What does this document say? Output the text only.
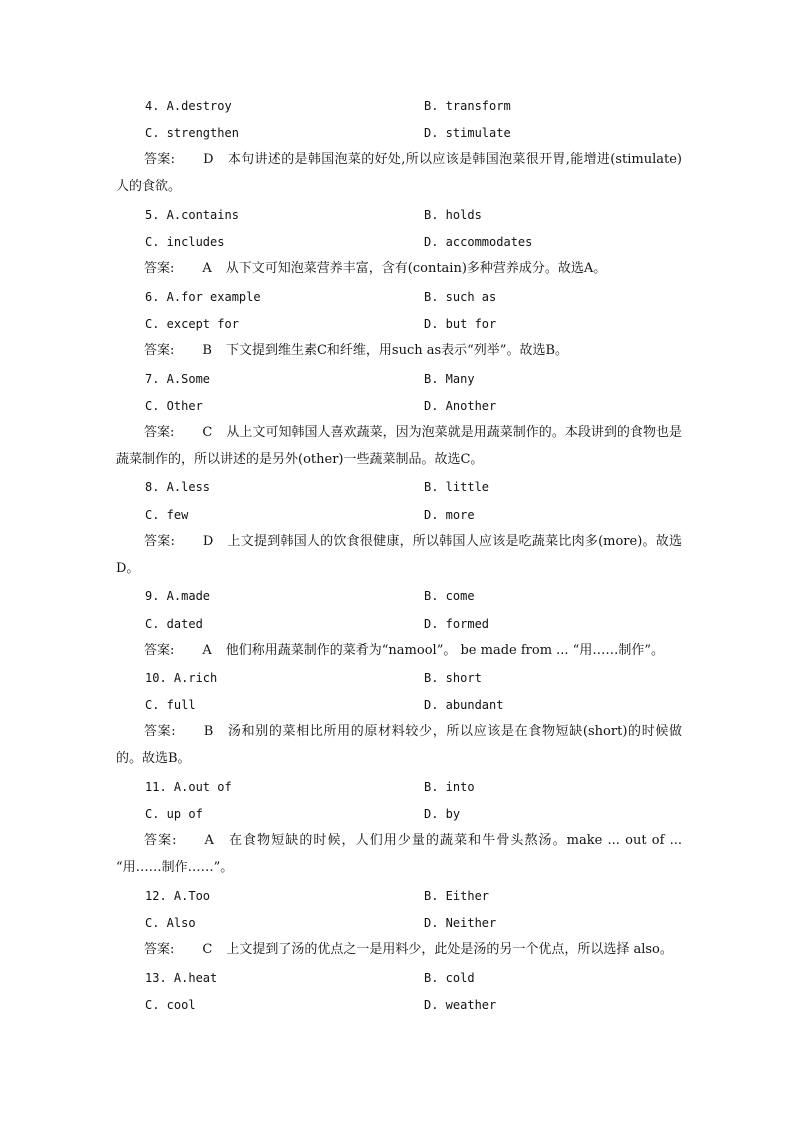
4. A.destroy	B. transform
C. strengthen	D. stimulate
答案: D 本句讲述的是韩国泡菜的好处,所以应该是韩国泡菜很开胃,能增进(stimulate)人的食欲。
5. A.contains	B. holds
C. includes	D. accommodates
答案: A 从下文可知泡菜营养丰富，含有(contain)多种营养成分。故选A。
6. A.for example	B. such as
C. except for	D. but for
答案: B 下文提到维生素C和纤维，用such as表示“列举”。故选B。
7. A.Some	B. Many
C. Other	D. Another
答案: C 从上文可知韩国人喜欢蔬菜，因为泡菜就是用蔬菜制作的。本段讲到的食物也是蔬菜制作的，所以讲述的是另外(other)一些蔬菜制品。故选C。
8. A.less	B. little
C. few	D. more
答案: D 上文提到韩国人的饮食很健康，所以韩国人应该是吃蔬菜比肉多(more)。故选D。
9. A.made	B. come
C. dated	D. formed
答案: A 他们称用蔬菜制作的菜肴为“namool”。 be made from ... “用……制作”。
10. A.rich	B. short
C. full	D. abundant
答案: B 汤和别的菜相比所用的原材料较少，所以应该是在食物短缺(short)的时候做的。故选B。
11. A.out of	B. into
C. up of	D. by
答案: A 在食物短缺的时候，人们用少量的蔬菜和牛骨头熬汤。make ... out of ... “用……制作……”。
12. A.Too	B. Either
C. Also	D. Neither
答案: C 上文提到了汤的优点之一是用料少，此处是汤的另一个优点，所以选择 also。
13. A.heat	B. cold
C. cool	D. weather
